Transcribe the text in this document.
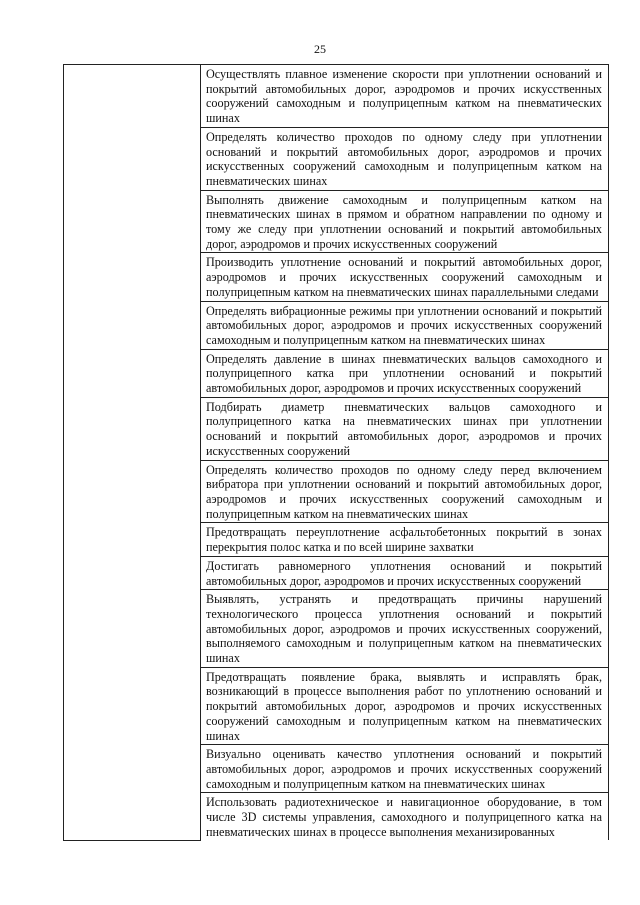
25

Осуществлять плавное изменение скорости при уплотнении оснований и покрытий автомобильных дорог, аэродромов и прочих искусственных сооружений самоходным и полуприцепным катком на пневматических шинах

Определять количество проходов по одному следу при уплотнении оснований и покрытий автомобильных дорог, аэродромов и прочих искусственных сооружений самоходным и полуприцепным катком на пневматических шинах

Выполнять движение самоходным и полуприцепным катком на пневматических шинах в прямом и обратном направлении по одному и тому же следу при уплотнении оснований и покрытий автомобильных дорог, аэродромов и прочих искусственных сооружений

Производить уплотнение оснований и покрытий автомобильных дорог, аэродромов и прочих искусственных сооружений самоходным и полуприцепным катком на пневматических шинах параллельными следами

Определять вибрационные режимы при уплотнении оснований и покрытий автомобильных дорог, аэродромов и прочих искусственных сооружений самоходным и полуприцепным катком на пневматических шинах

Определять давление в шинах пневматических вальцов самоходного и полуприцепного катка при уплотнении оснований и покрытий автомобильных дорог, аэродромов и прочих искусственных сооружений

Подбирать диаметр пневматических вальцов самоходного и полуприцепного катка на пневматических шинах при уплотнении оснований и покрытий автомобильных дорог, аэродромов и прочих искусственных сооружений

Определять количество проходов по одному следу перед включением вибратора при уплотнении оснований и покрытий автомобильных дорог, аэродромов и прочих искусственных сооружений самоходным и полуприцепным катком на пневматических шинах

Предотвращать переуплотнение асфальтобетонных покрытий в зонах перекрытия полос катка и по всей ширине захватки

Достигать равномерного уплотнения оснований и покрытий автомобильных дорог, аэродромов и прочих искусственных сооружений

Выявлять, устранять и предотвращать причины нарушений технологического процесса уплотнения оснований и покрытий автомобильных дорог, аэродромов и прочих искусственных сооружений, выполняемого самоходным и полуприцепным катком на пневматических шинах

Предотвращать появление брака, выявлять и исправлять брак, возникающий в процессе выполнения работ по уплотнению оснований и покрытий автомобильных дорог, аэродромов и прочих искусственных сооружений самоходным и полуприцепным катком на пневматических шинах

Визуально оценивать качество уплотнения оснований и покрытий автомобильных дорог, аэродромов и прочих искусственных сооружений самоходным и полуприцепным катком на пневматических шинах

Использовать радиотехническое и навигационное оборудование, в том числе 3D системы управления, самоходного и полуприцепного катка на пневматических шинах в процессе выполнения механизированных
